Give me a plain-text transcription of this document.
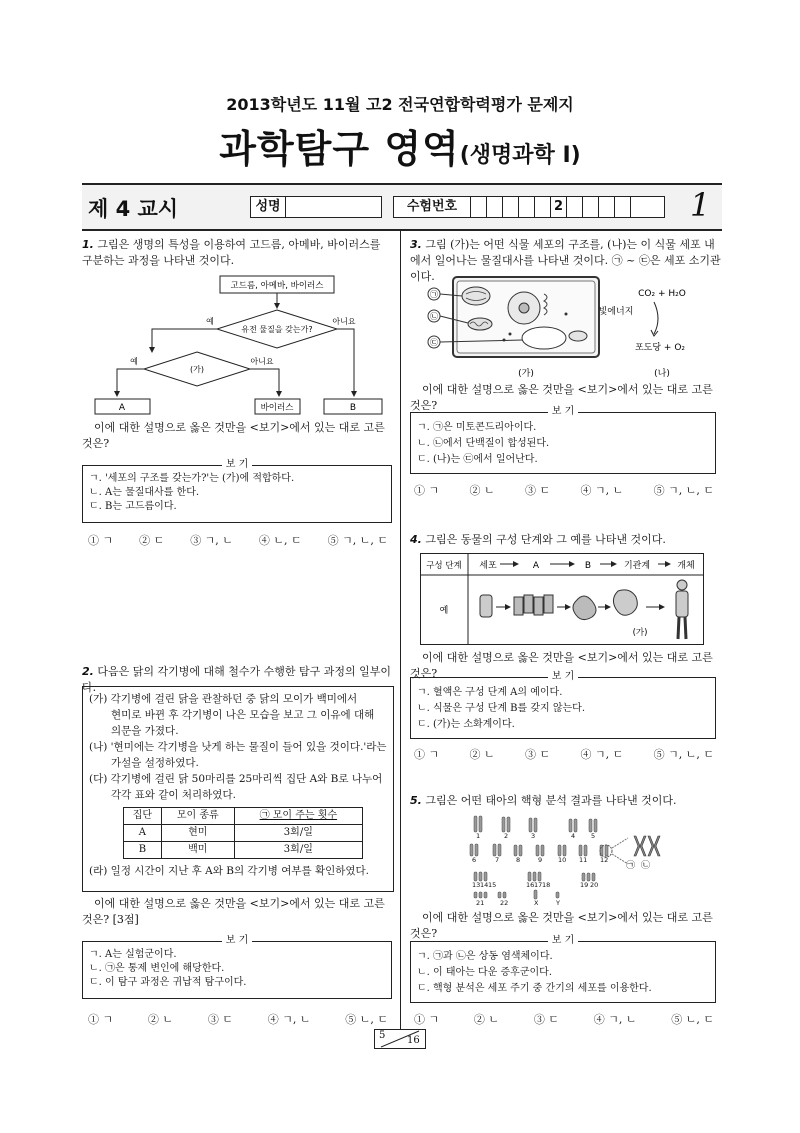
2013학년도 11월 고2 전국연합학력평가 문제지
과학탐구 영역(생명과학 Ⅰ)
제 4 교시	성명	수험번호	2	1
1. 그림은 생명의 특성을 이용하여 고드름, 아메바, 바이러스를 구분하는 과정을 나타낸 것이다.
고드름, 아메바, 바이러스
유전 물질을 갖는가?
예	아니요
(가)
예	아니요
A	바이러스	B
이에 대한 설명으로 옳은 것만을 <보기>에서 있는 대로 고른 것은?
보 기
ㄱ. '세포의 구조를 갖는가?'는 (가)에 적합하다.
ㄴ. A는 물질대사를 한다.
ㄷ. B는 고드름이다.
① ㄱ ② ㄷ ③ ㄱ, ㄴ ④ ㄴ, ㄷ ⑤ ㄱ, ㄴ, ㄷ
2. 다음은 닭의 각기병에 대해 철수가 수행한 탐구 과정의 일부이다.
(가) 각기병에 걸린 닭을 관찰하던 중 닭의 모이가 백미에서
현미로 바뀐 후 각기병이 나은 모습을 보고 그 이유에 대해
의문을 가졌다.
(나) '현미에는 각기병을 낫게 하는 물질이 들어 있을 것이다.'라는
가설을 설정하였다.
(다) 각기병에 걸린 닭 50마리를 25마리씩 집단 A와 B로 나누어
각각 표와 같이 처리하였다.
집단	모이 종류	㉠ 모이 주는 횟수
A	현미	3회/일
B	백미	3회/일
(라) 일정 시간이 지난 후 A와 B의 각기병 여부를 확인하였다.
이에 대한 설명으로 옳은 것만을 <보기>에서 있는 대로 고른 것은? [3점]
보 기
ㄱ. A는 실험군이다.
ㄴ. ㉠은 통제 변인에 해당한다.
ㄷ. 이 탐구 과정은 귀납적 탐구이다.
① ㄱ	② ㄴ	③ ㄷ	④ ㄱ, ㄴ	⑤ ㄴ, ㄷ
3. 그림 (가)는 어떤 식물 세포의 구조를, (나)는 이 식물 세포 내에서 일어나는 물질대사를 나타낸 것이다. ㉠ ~ ㉢은 세포 소기관이다.
㉠
㉡
㉢
CO₂ + H₂O
빛에너지
포도당 + O₂
(가)	(나)
이에 대한 설명으로 옳은 것만을 <보기>에서 있는 대로 고른 것은?	보 기
ㄱ. ㉠은 미토콘드리아이다.
ㄴ. ㉡에서 단백질이 합성된다.
ㄷ. (나)는 ㉢에서 일어난다.
① ㄱ	② ㄴ	③ ㄷ	④ ㄱ, ㄴ	⑤ ㄱ, ㄴ, ㄷ
4. 그림은 동물의 구성 단계와 그 예를 나타낸 것이다.
구성 단계
예
세포	A	B	기관계	개체
(가)
이에 대한 설명으로 옳은 것만을 <보기>에서 있는 대로 고른 것은?	보 기
ㄱ. 혈액은 구성 단계 A의 예이다.
ㄴ. 식물은 구성 단계 B를 갖지 않는다.
ㄷ. (가)는 소화계이다.
① ㄱ	② ㄴ	③ ㄷ	④ ㄱ, ㄷ	⑤ ㄱ, ㄴ, ㄷ
5. 그림은 어떤 태아의 핵형 분석 결과를 나타낸 것이다.
1	2	3	4 5
6	7	8	9 10 11 12
13 14 15	16 17 18	19 20
21 22	X	Y
㉠ ㉡
이에 대한 설명으로 옳은 것만을 <보기>에서 있는 대로 고른 것은?
보 기
ㄱ. ㉠과 ㉡은 상동 염색체이다.
ㄴ. 이 태아는 다운 증후군이다.
ㄷ. 핵형 분석은 세포 주기 중 간기의 세포를 이용한다.
① ㄱ	② ㄴ	③ ㄷ	④ ㄱ, ㄴ	⑤ ㄴ, ㄷ
5 16
